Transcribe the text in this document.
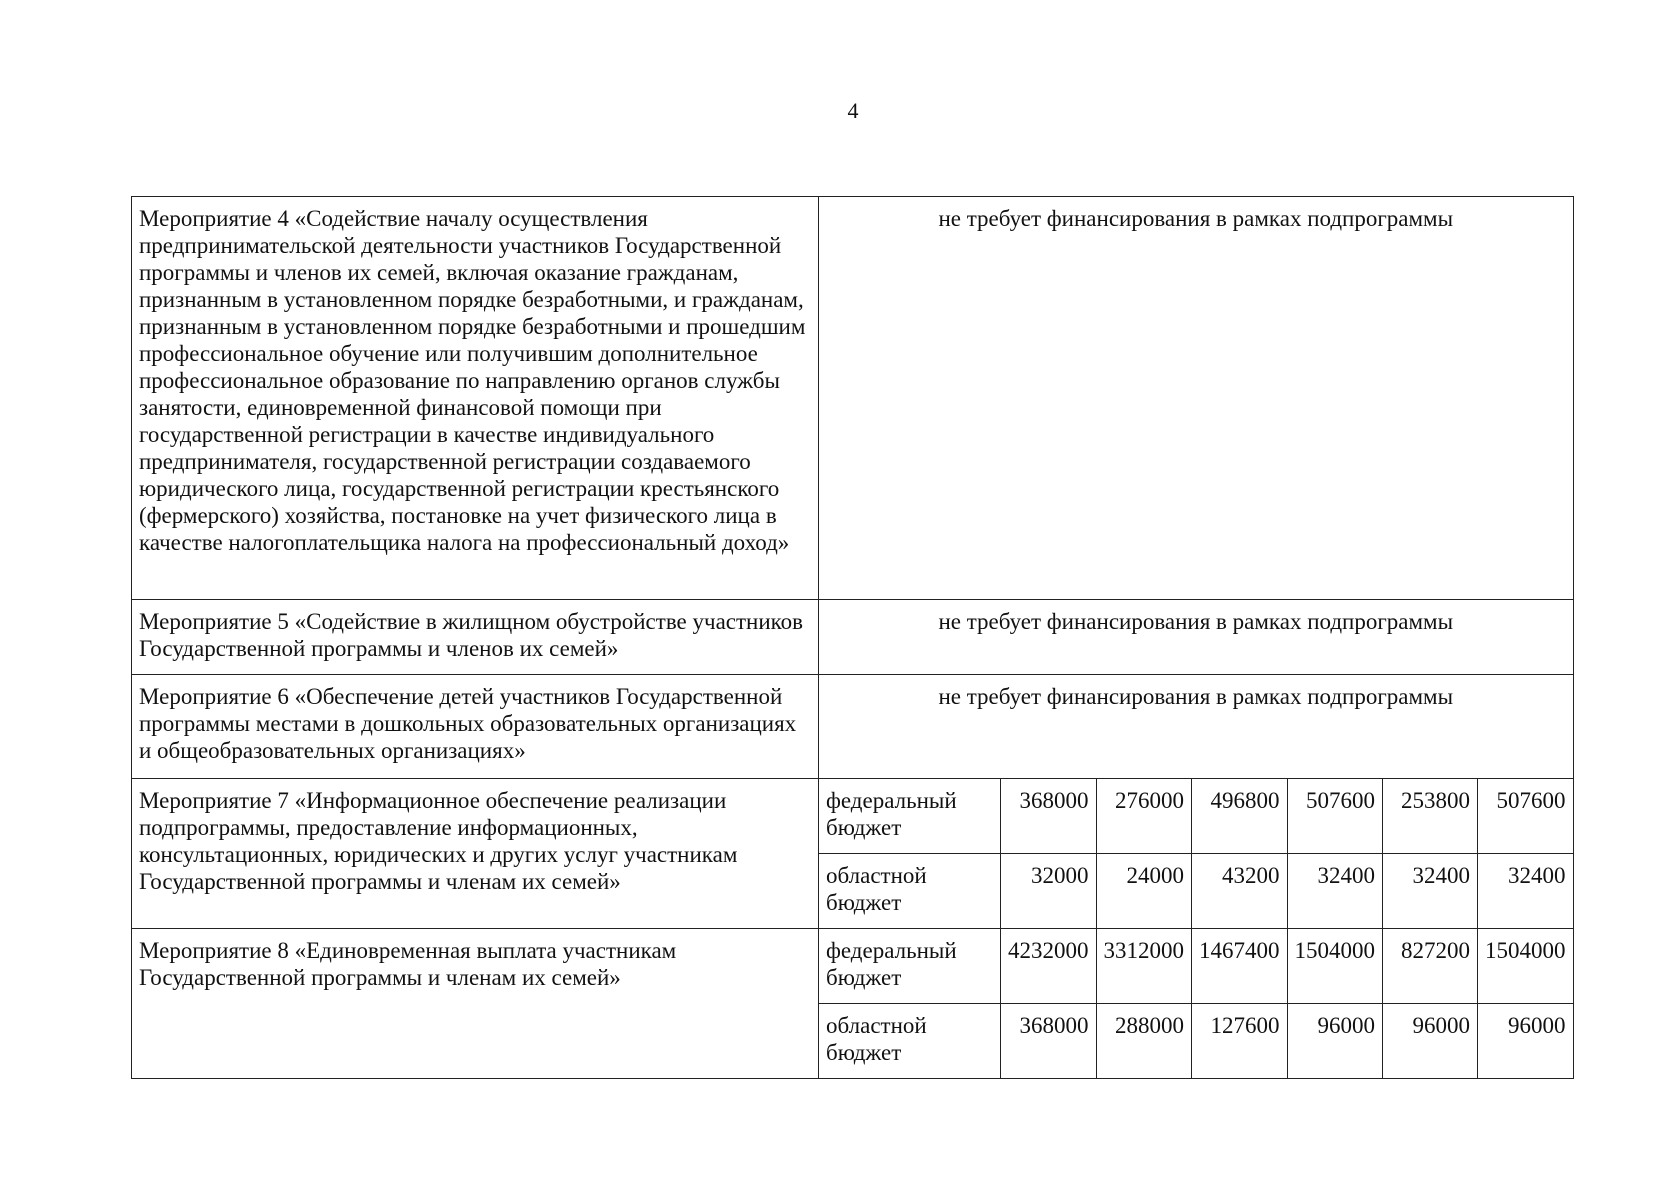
4
Мероприятие 4 «Содействие началу осуществления предпринимательской деятельности участников Государственной программы и членов их семей, включая оказание гражданам, признанным в установленном порядке безработными, и гражданам, признанным в установленном порядке безработными и прошедшим профессиональное обучение или получившим дополнительное профессиональное образование по направлению органов службы занятости, единовременной финансовой помощи при государственной регистрации в качестве индивидуального предпринимателя, государственной регистрации создаваемого юридического лица, государственной регистрации крестьянского (фермерского) хозяйства, постановке на учет физического лица в качестве налогоплательщика налога на профессиональный доход»	не требует финансирования в рамках подпрограммы						
Мероприятие 5 «Содействие в жилищном обустройстве участников Государственной программы и членов их семей»	не требует финансирования в рамках подпрограммы						
Мероприятие 6 «Обеспечение детей участников Государственной программы местами в дошкольных образовательных организациях и общеобразовательных организациях»	не требует финансирования в рамках подпрограммы						
Мероприятие 7 «Информационное обеспечение реализации подпрограммы, предоставление информационных, консультационных, юридических и других услуг участникам Государственной программы и членам их семей»	федеральный бюджет	368000	276000	496800	507600	253800	507600
	областной бюджет	32000	24000	43200	32400	32400	32400
Мероприятие 8 «Единовременная выплата участникам Государственной программы и членам их семей»	федеральный бюджет	4232000	3312000	1467400	1504000	827200	1504000
	областной бюджет	368000	288000	127600	96000	96000	96000
